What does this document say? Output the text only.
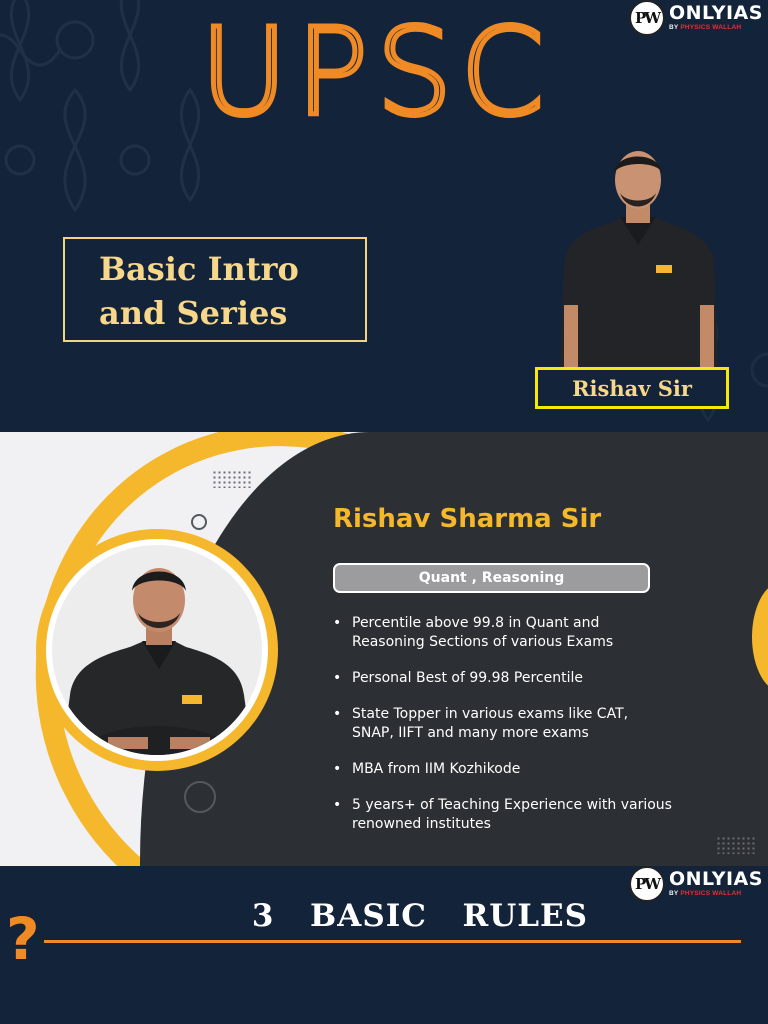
UPSC	PW ONLYIAS
BY PHYSICS WALLAH
Basic Intro and Series
Rishav Sir
Rishav Sharma Sir
Quant , Reasoning
• Percentile above 99.8 in Quant and Reasoning Sections of various Exams
• Personal Best of 99.98 Percentile
• State Topper in various exams like CAT, SNAP, IIFT and many more exams
• MBA from IIM Kozhikode
• 5 years+ of Teaching Experience with various renowned institutes
PW ONLYIAS
BY PHYSICS WALLAH
3  BASIC  RULES
?
